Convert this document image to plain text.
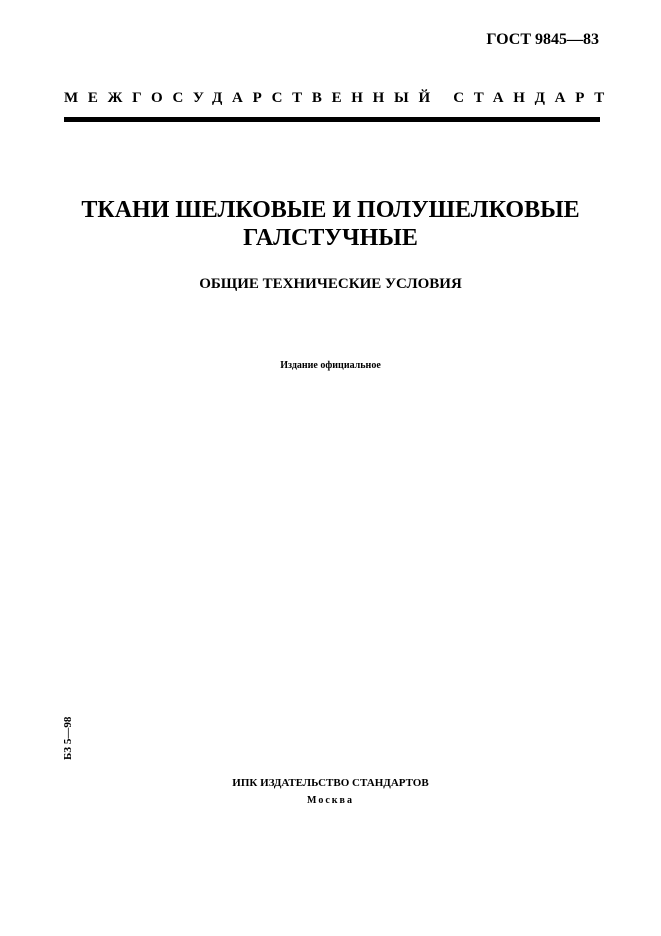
ГОСТ 9845—83
МЕЖГОСУДАРСТВЕННЫЙ СТАНДАРТ
ТКАНИ ШЕЛКОВЫЕ И ПОЛУШЕЛКОВЫЕ
ГАЛСТУЧНЫЕ
ОБЩИЕ ТЕХНИЧЕСКИЕ УСЛОВИЯ
Издание официальное
БЗ 5—98
ИПК ИЗДАТЕЛЬСТВО СТАНДАРТОВ
Москва
